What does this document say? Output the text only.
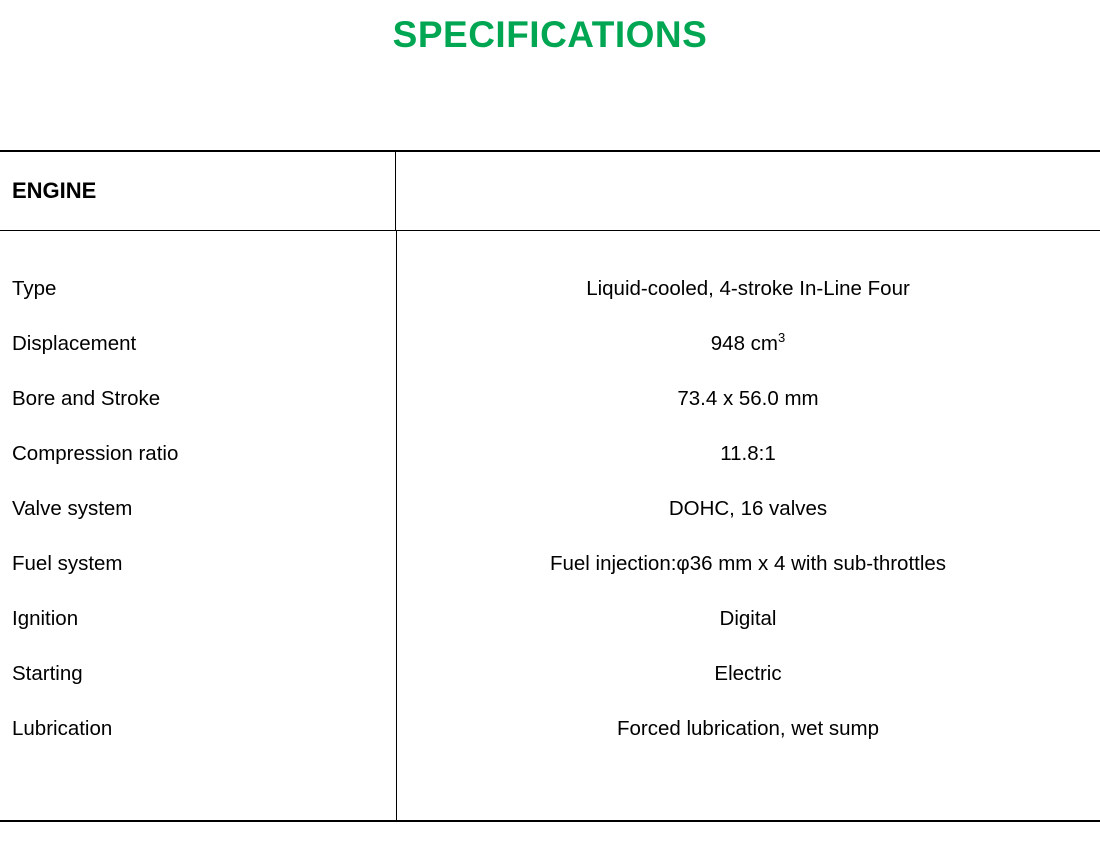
SPECIFICATIONS
ENGINE
Type	Liquid-cooled, 4-stroke In-Line Four
Displacement	948 $cm^3$
Bore and Stroke	73.4 x 56.0 mm
Compression ratio	11.8:1
Valve system	DOHC, 16 valves
Fuel system	Fuel injection:φ36 mm x 4 with sub-throttles
Ignition	Digital
Starting	Electric
Lubrication	Forced lubrication, wet sump
